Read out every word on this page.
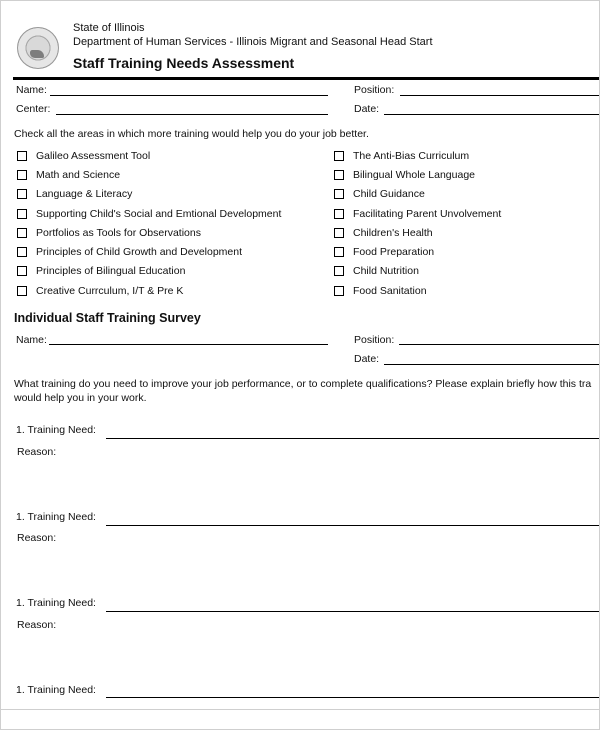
State of Illinois
Department of Human Services - Illinois Migrant and Seasonal Head Start
Staff Training Needs Assessment
Name:
Center:
Position:
Date:
Check all the areas in which more training would help you do your job better.
Galileo Assessment Tool
Math and Science
Language & Literacy
Supporting Child's Social and Emtional Development
Portfolios as Tools for Observations
Principles of Child Growth and Development
Principles of Bilingual Education
Creative Currculum, I/T & Pre K
The Anti-Bias Curriculum
Bilingual Whole Language
Child Guidance
Facilitating Parent Unvolvement
Children's Health
Food Preparation
Child Nutrition
Food Sanitation
Individual Staff Training Survey
Name:	Position:
Date:
What training do you need to improve your job performance, or to complete qualifications? Please explain briefly how this tra
would help you in your work.
1. Training Need:
Reason:
1. Training Need:
Reason:
1. Training Need:
Reason:
1. Training Need:
